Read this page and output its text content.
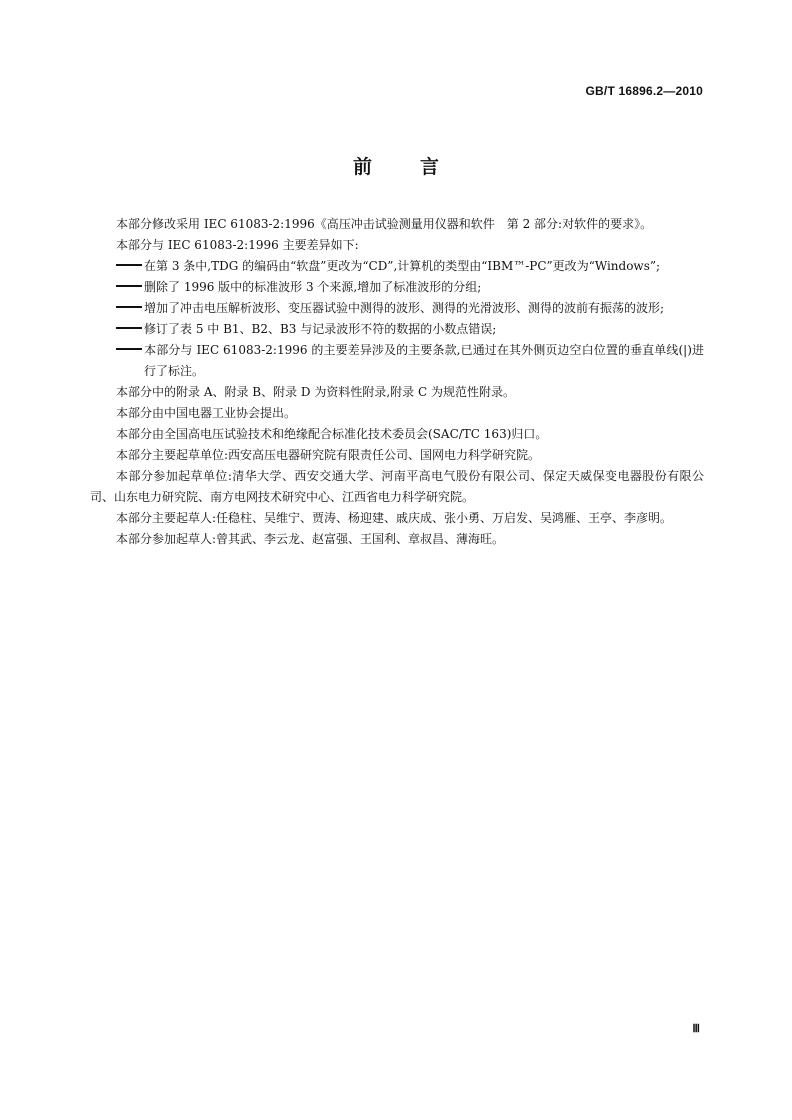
GB/T 16896.2—2010
前	言

本部分修改采用 IEC 61083-2:1996《高压冲击试验测量用仪器和软件　第 2 部分:对软件的要求》。

本部分与 IEC 61083-2:1996 主要差异如下:

在第 3 条中,TDG 的编码由“软盘”更改为“CD”,计算机的类型由“IBM™-PC”更改为“Windows”;

删除了 1996 版中的标准波形 3 个来源,增加了标准波形的分组;

增加了冲击电压解析波形、变压器试验中测得的波形、测得的光滑波形、测得的波前有振荡的波形;

修订了表 5 中 B1、B2、B3 与记录波形不符的数据的小数点错误;

本部分与 IEC 61083-2:1996 的主要差异涉及的主要条款,已通过在其外侧页边空白位置的垂直单线(|)进行了标注。

本部分中的附录 A、附录 B、附录 D 为资料性附录,附录 C 为规范性附录。

本部分由中国电器工业协会提出。

本部分由全国高电压试验技术和绝缘配合标准化技术委员会(SAC/TC 163)归口。

本部分主要起草单位:西安高压电器研究院有限责任公司、国网电力科学研究院。

本部分参加起草单位:清华大学、西安交通大学、河南平高电气股份有限公司、保定天威保变电器股份有限公司、山东电力研究院、南方电网技术研究中心、江西省电力科学研究院。

本部分主要起草人:任稳柱、吴维宁、贾涛、杨迎建、戚庆成、张小勇、万启发、吴鸿雁、王亭、李彦明。

本部分参加起草人:曾其武、李云龙、赵富强、王国利、章叔昌、薄海旺。

Ⅲ
